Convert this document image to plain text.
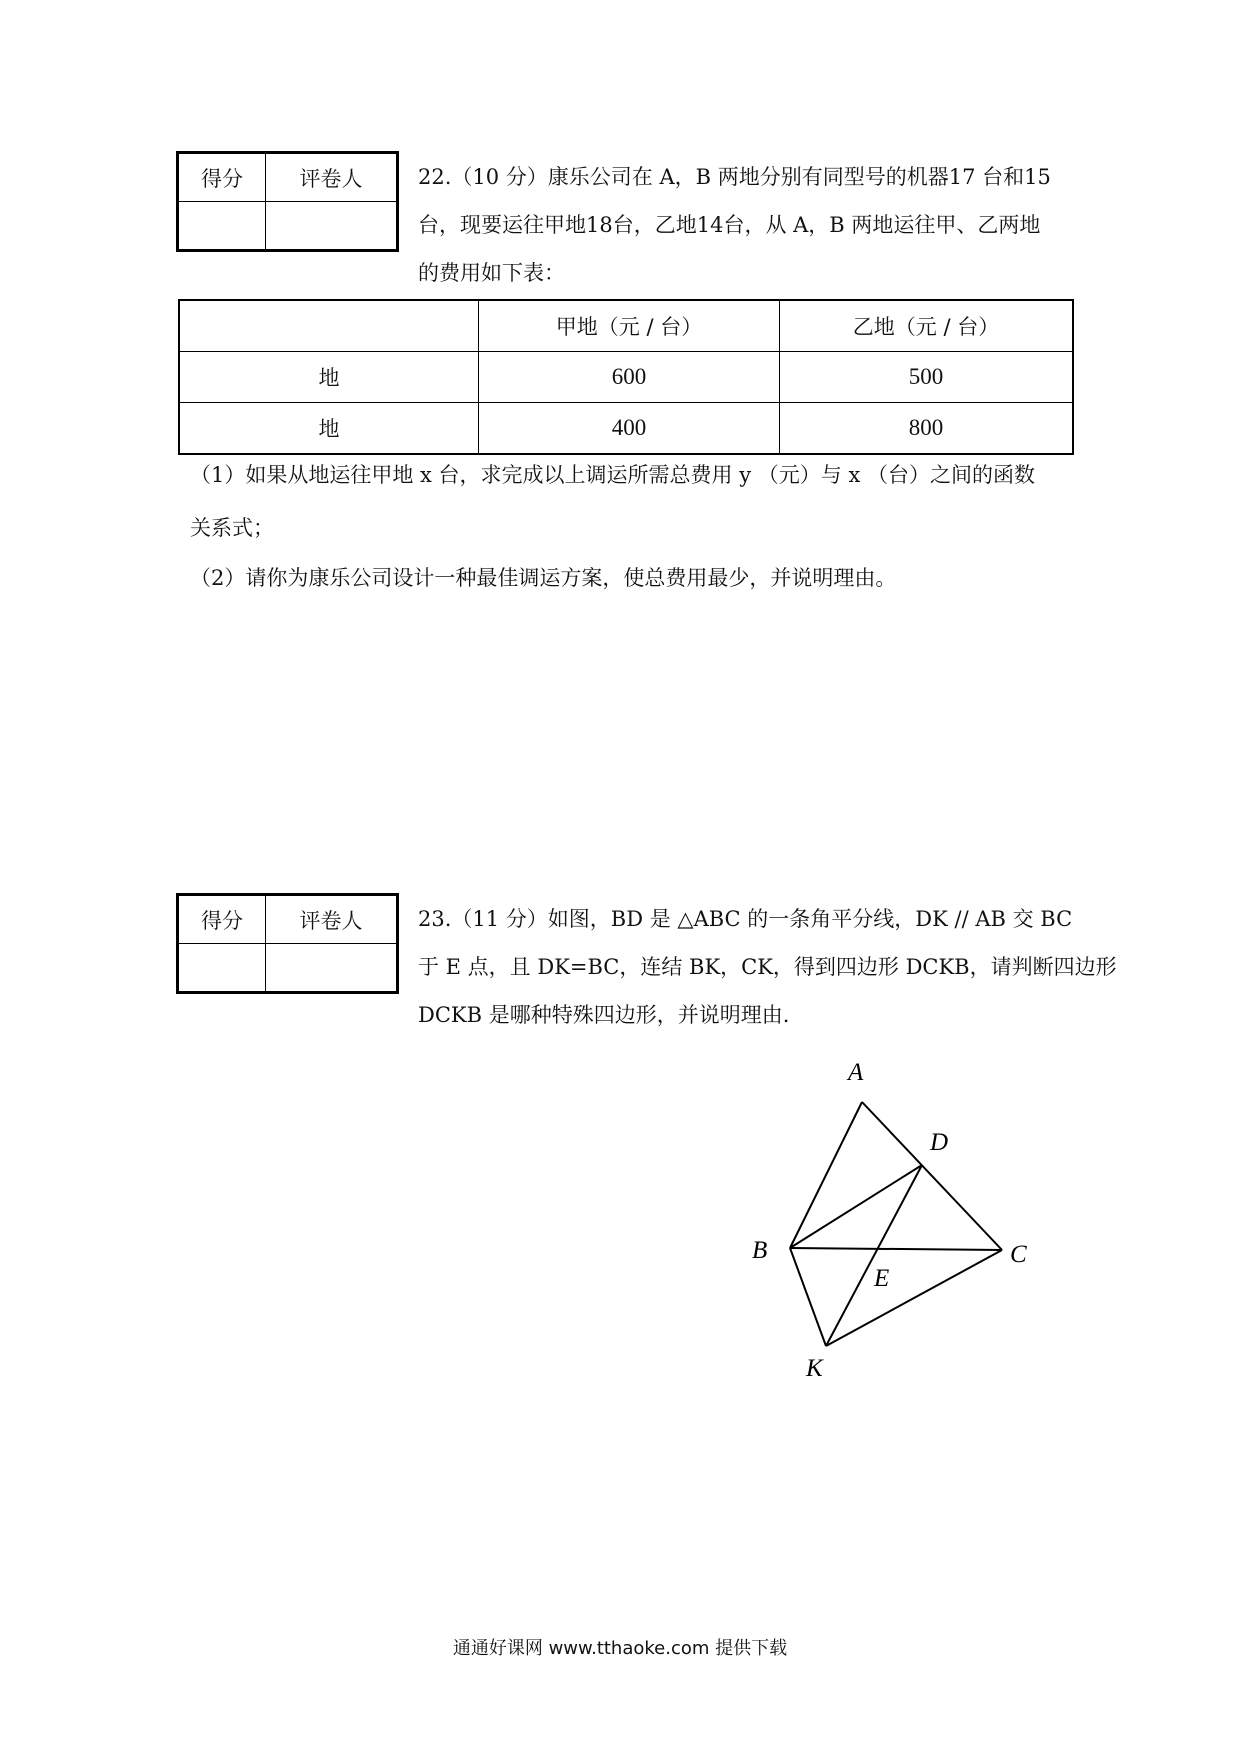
得分	评卷人
		22.（10 分）康乐公司在 A，B 两地分别有同型号的机器17 台和15
台，现要运往甲地18台，乙地14台，从 A，B 两地运往甲、乙两地
的费用如下表：
	甲地（元 / 台）	乙地（元 / 台）
地	600	500
地	400	800
（1）如果从地运往甲地 x 台，求完成以上调运所需总费用 y （元）与 x （台）之间的函数
关系式；
（2）请你为康乐公司设计一种最佳调运方案，使总费用最少，并说明理由。
得分	评卷人
		23.（11 分）如图，BD 是 △ABC 的一条角平分线，DK // AB 交 BC
于 E 点，且 DK=BC，连结 BK，CK，得到四边形 DCKB，请判断四边形
DCKB 是哪种特殊四边形，并说明理由.
A
D
B
E
C
K
通通好课网 www.tthaoke.com 提供下载
